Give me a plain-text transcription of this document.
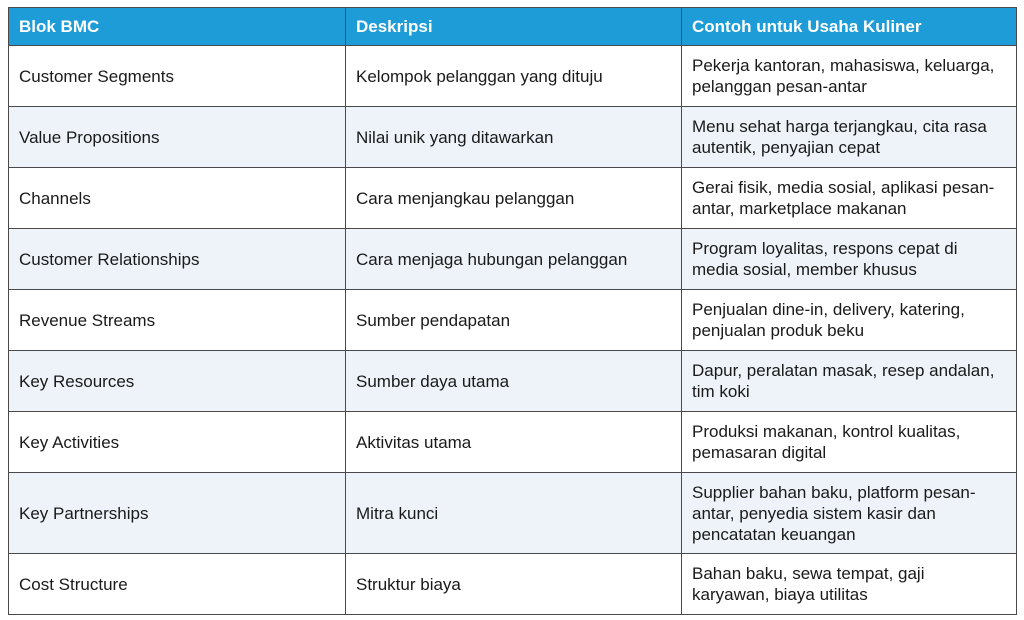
Blok BMC	Deskripsi	Contoh untuk Usaha Kuliner
Customer Segments	Kelompok pelanggan yang dituju	Pekerja kantoran, mahasiswa, keluarga, pelanggan pesan-antar
Value Propositions	Nilai unik yang ditawarkan	Menu sehat harga terjangkau, cita rasa autentik, penyajian cepat
Channels	Cara menjangkau pelanggan	Gerai fisik, media sosial, aplikasi pesan-antar, marketplace makanan
Customer Relationships	Cara menjaga hubungan pelanggan	Program loyalitas, respons cepat di media sosial, member khusus
Revenue Streams	Sumber pendapatan	Penjualan dine-in, delivery, katering, penjualan produk beku
Key Resources	Sumber daya utama	Dapur, peralatan masak, resep andalan, tim koki
Key Activities	Aktivitas utama	Produksi makanan, kontrol kualitas, pemasaran digital
Key Partnerships	Mitra kunci	Supplier bahan baku, platform pesan-antar, penyedia sistem kasir dan pencatatan keuangan
Cost Structure	Struktur biaya	Bahan baku, sewa tempat, gaji karyawan, biaya utilitas
